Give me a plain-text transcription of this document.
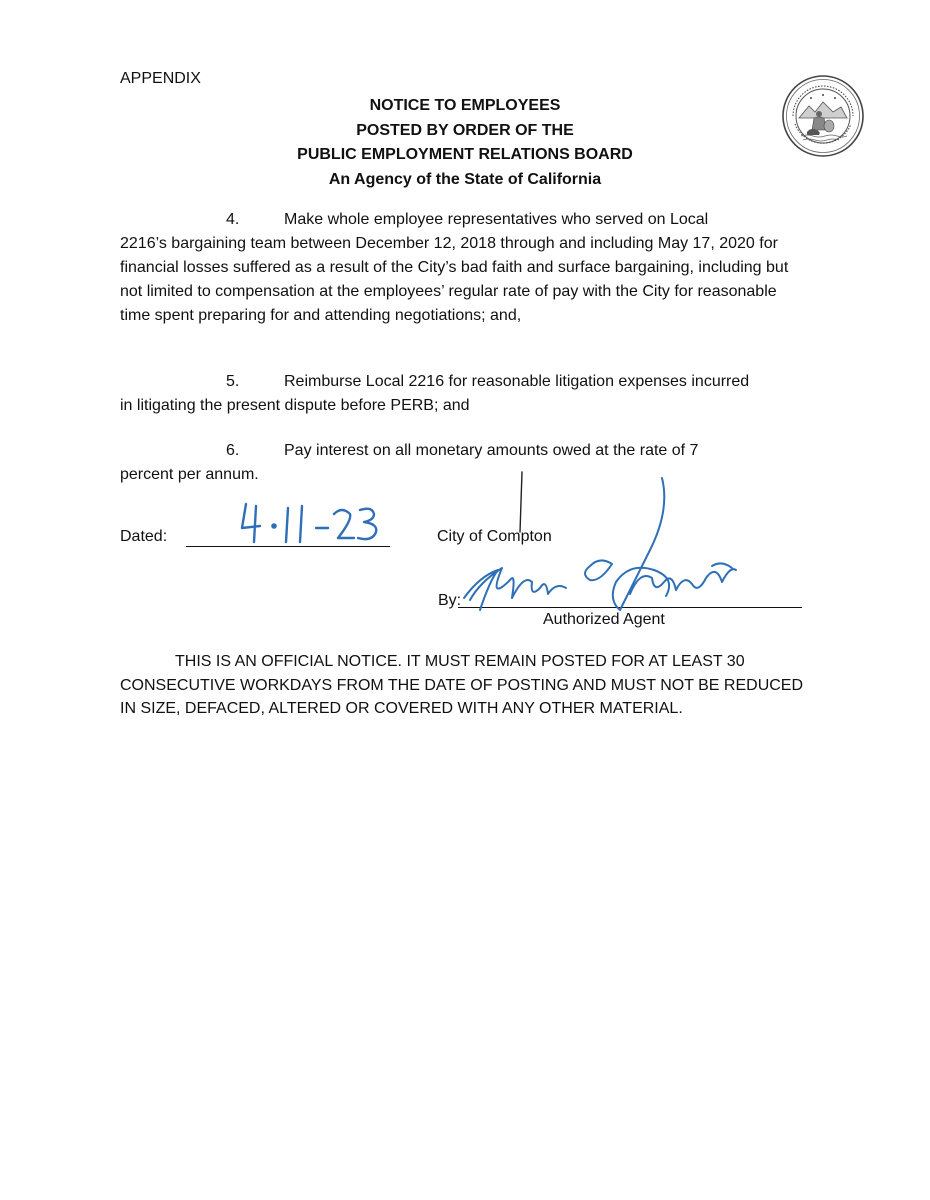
APPENDIX
NOTICE TO EMPLOYEES
POSTED BY ORDER OF THE
PUBLIC EMPLOYMENT RELATIONS BOARD
An Agency of the State of California

4.	Make whole employee representatives who served on Local
2216’s bargaining team between December 12, 2018 through and including May 17, 2020 for financial losses suffered as a result of the City’s bad faith and surface bargaining, including but not limited to compensation at the employees’ regular rate of pay with the City for reasonable time spent preparing for and attending negotiations; and,

5.	Reimburse Local 2216 for reasonable litigation expenses incurred
in litigating the present dispute before PERB; and

6.	Pay interest on all monetary amounts owed at the rate of 7
percent per annum.

Dated:	City of Compton
By:
Authorized Agent

THIS IS AN OFFICIAL NOTICE. IT MUST REMAIN POSTED FOR AT LEAST 30 CONSECUTIVE WORKDAYS FROM THE DATE OF POSTING AND MUST NOT BE REDUCED IN SIZE, DEFACED, ALTERED OR COVERED WITH ANY OTHER MATERIAL.
